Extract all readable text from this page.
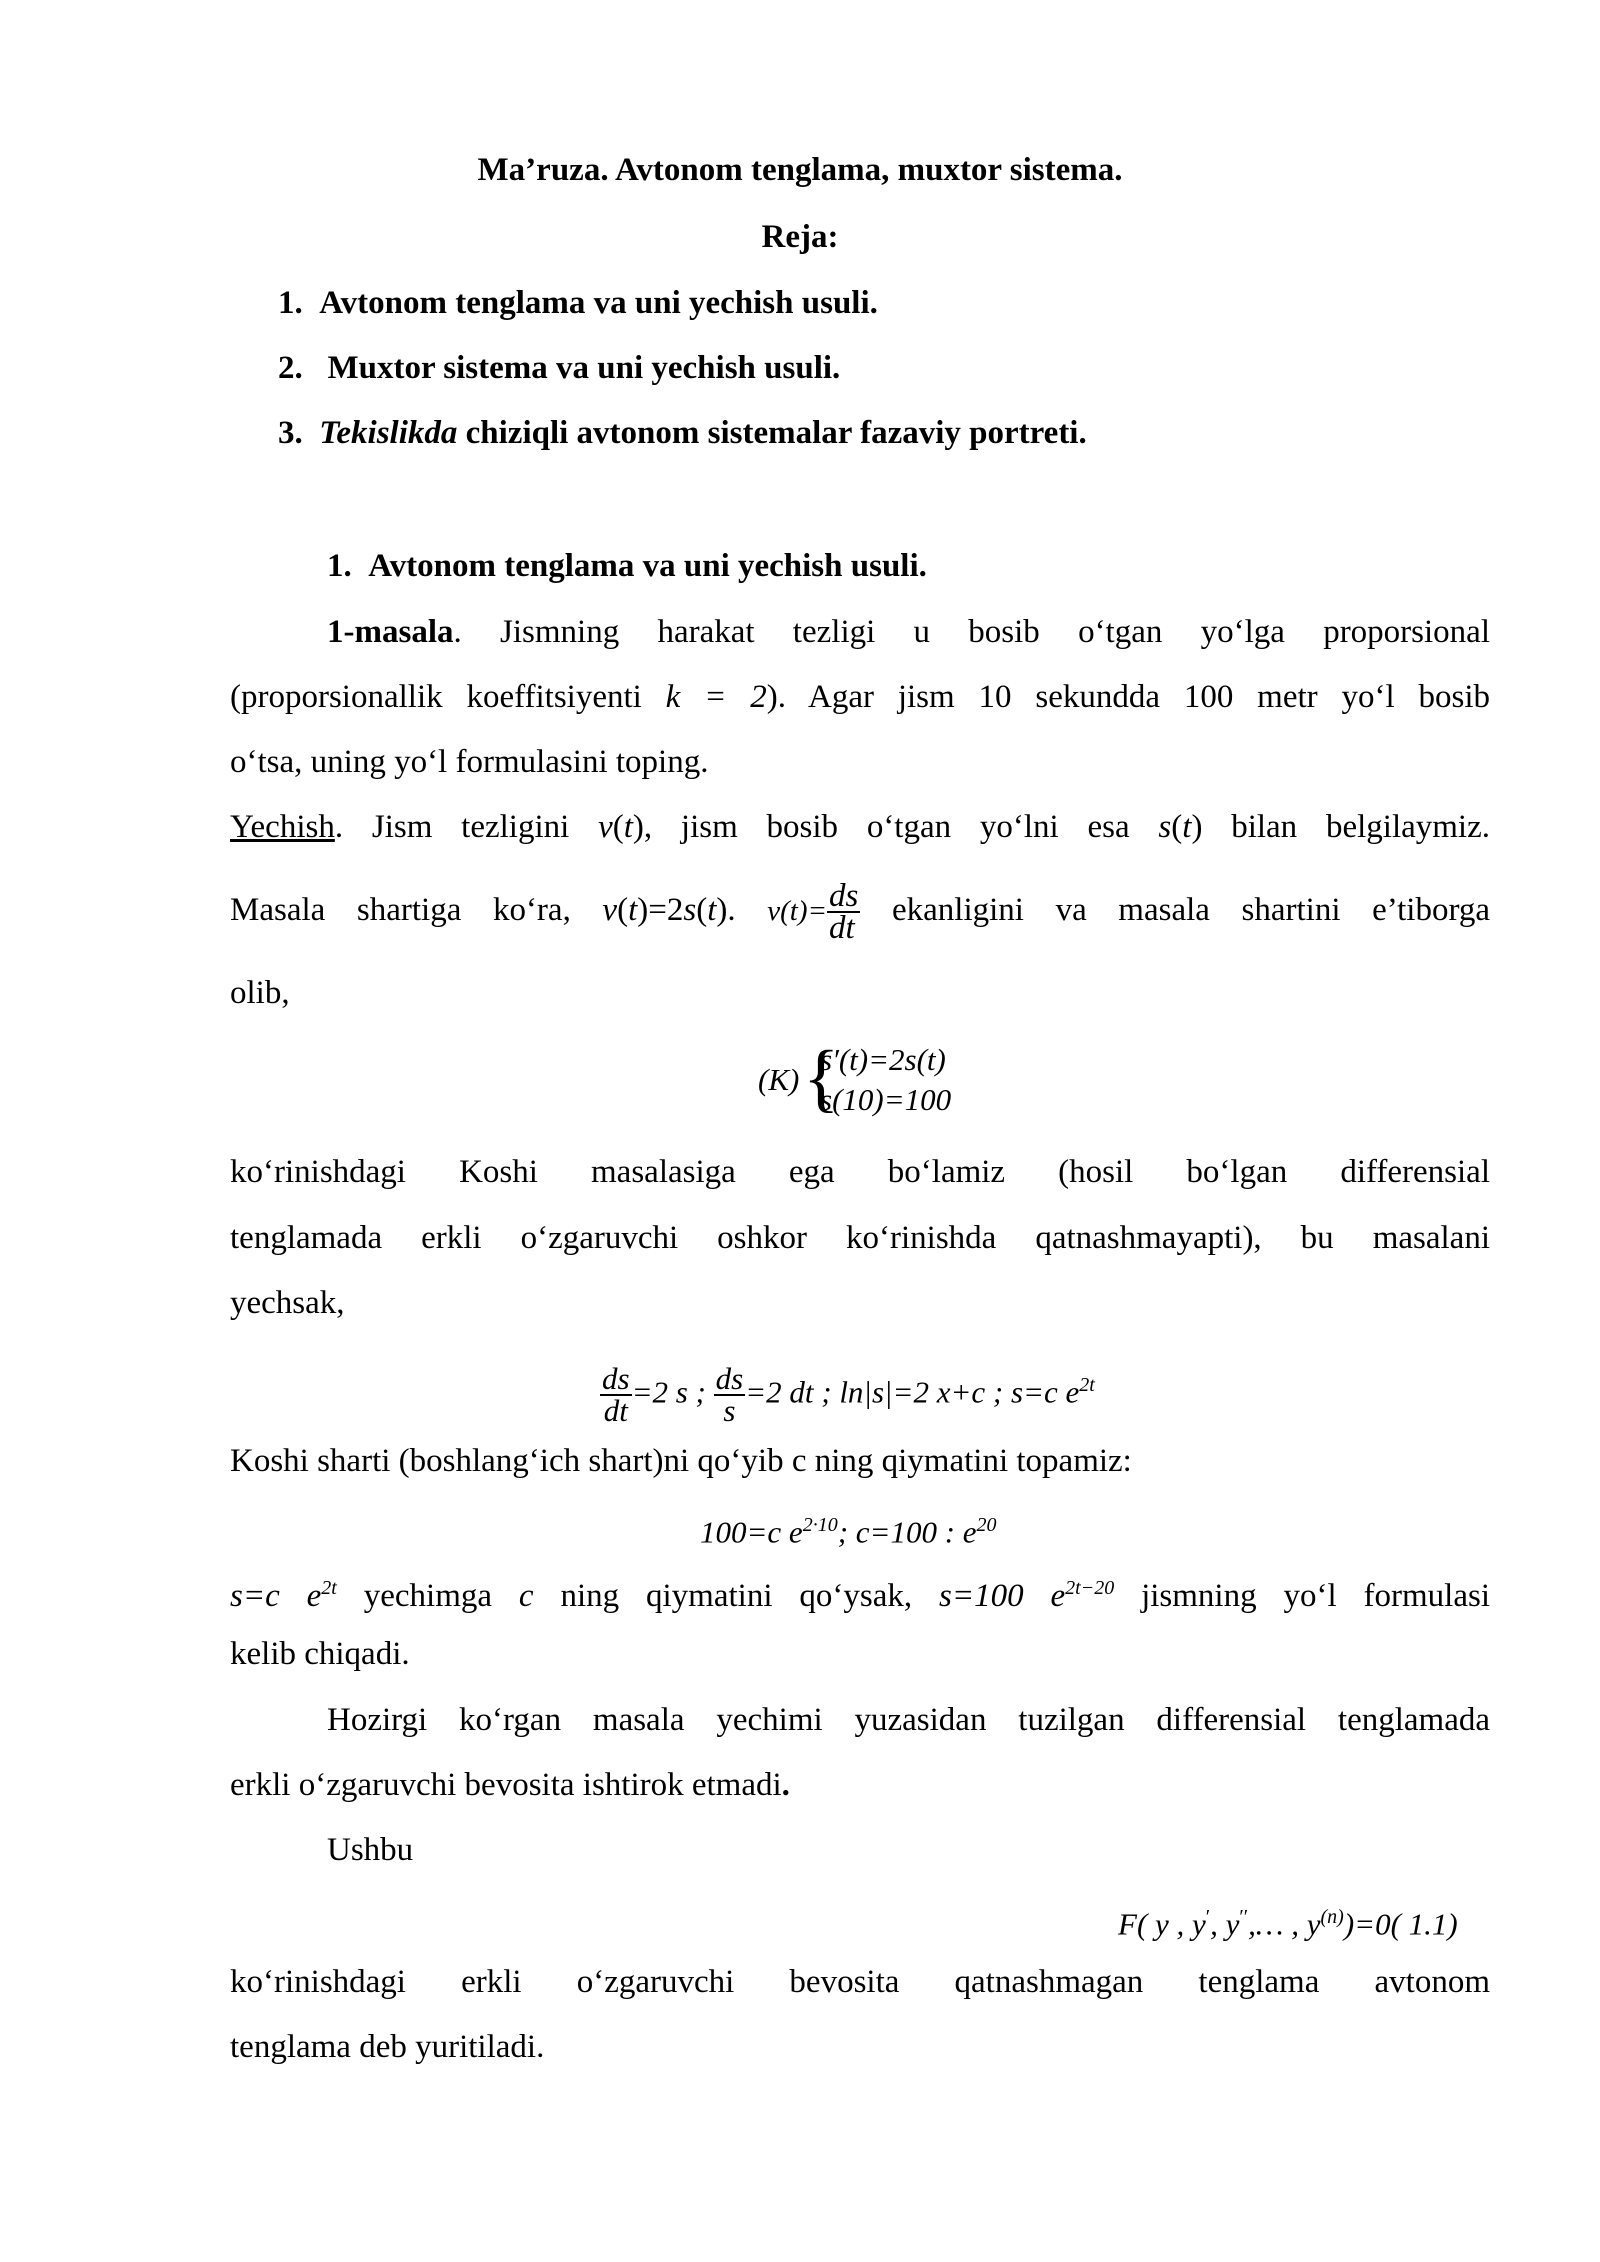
Ma’ruza. Avtonom tenglama, muxtor sistema.
Reja:
1. Avtonom tenglama va uni yechish usuli.
2.   Muxtor sistema va uni yechish usuli.
3. Tekislikda chiziqli avtonom sistemalar fazaviy portreti.
1. Avtonom tenglama va uni yechish usuli.
1-masala. Jismning harakat tezligi u bosib o‘tgan yo‘lga proporsional
(proporsionallik koeffitsiyenti k = 2). Agar jism 10 sekundda 100 metr yo‘l bosib
o‘tsa, uning yo‘l formulasini toping.
Yechish. Jism tezligini v(t), jism bosib o‘tgan yo‘lni esa s(t) bilan belgilaymiz.
Masala shartiga ko‘ra, v(t)=2s(t). $v(t)= \frac{ds}{dt}$ ekanligini va masala shartini e’tiborga
olib,
(K) {
s′(t)=2s(t)
s(10)=100
ko‘rinishdagi Koshi masalasiga ega bo‘lamiz (hosil bo‘lgan differensial
tenglamada erkli o‘zgaruvchi oshkor ko‘rinishda qatnashmayapti), bu masalani
yechsak,
$\frac{ds}{dt} =2$ s ; $\frac{ds}{s} =2$ dt ; ln|s|=2 x+c ; s=c $e^{2t}$
Koshi sharti (boshlang‘ich shart)ni qo‘yib c ning qiymatini topamiz:
100=c $e^{2\cdot 10}$; c=100 : $e^{20}$
s=c $e^{2t}$ yechimga c ning qiymatini qo‘ysak, s=100 $e^{2t-20}$ jismning yo‘l formulasi
kelib chiqadi.
Hozirgi ko‘rgan masala yechimi yuzasidan tuzilgan differensial tenglamada
erkli o‘zgaruvchi bevosita ishtirok etmadi.
Ushbu
F( y , y′, y′′,… , $y^{(n)})=0$( 1.1)
ko‘rinishdagi erkli o‘zgaruvchi bevosita qatnashmagan tenglama avtonom
tenglama deb yuritiladi.
